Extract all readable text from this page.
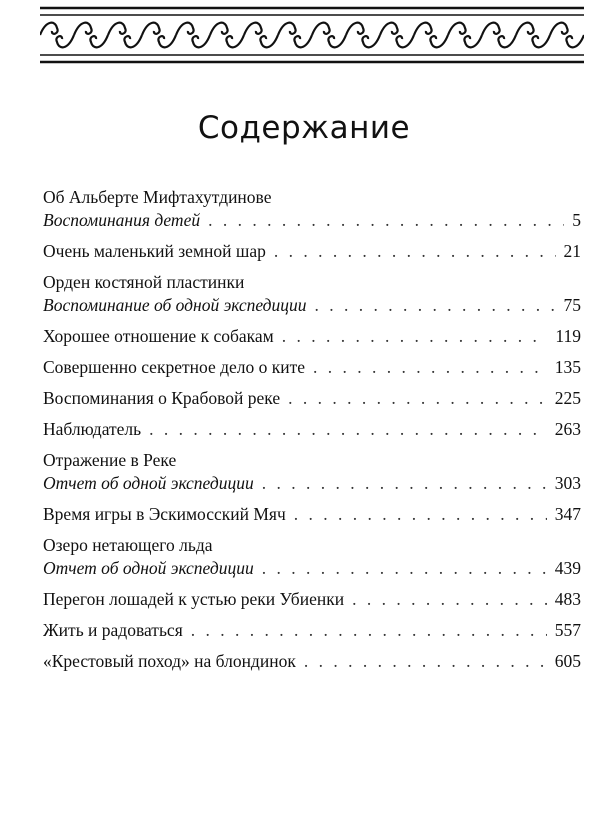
Содержание
Об Альберте Мифтахутдинове
Воспоминания детей . . .	5
Очень маленький земной шар . . .	21
Орден костяной пластинки
Воспоминание об одной экспедиции . . .	75
Хорошее отношение к собакам . . .	119
Совершенно секретное дело о ките . . .	135
Воспоминания о Крабовой реке . . .	225
Наблюдатель . . .	263
Отражение в Реке
Отчет об одной экспедиции . . .	303
Время игры в Эскимосский Мяч . . .	347
Озеро нетающего льда
Отчет об одной экспедиции . . .	439
Перегон лошадей к устью реки Убиенки . . .	483
Жить и радоваться . . .	557
«Крестовый поход» на блондинок . . .	605
